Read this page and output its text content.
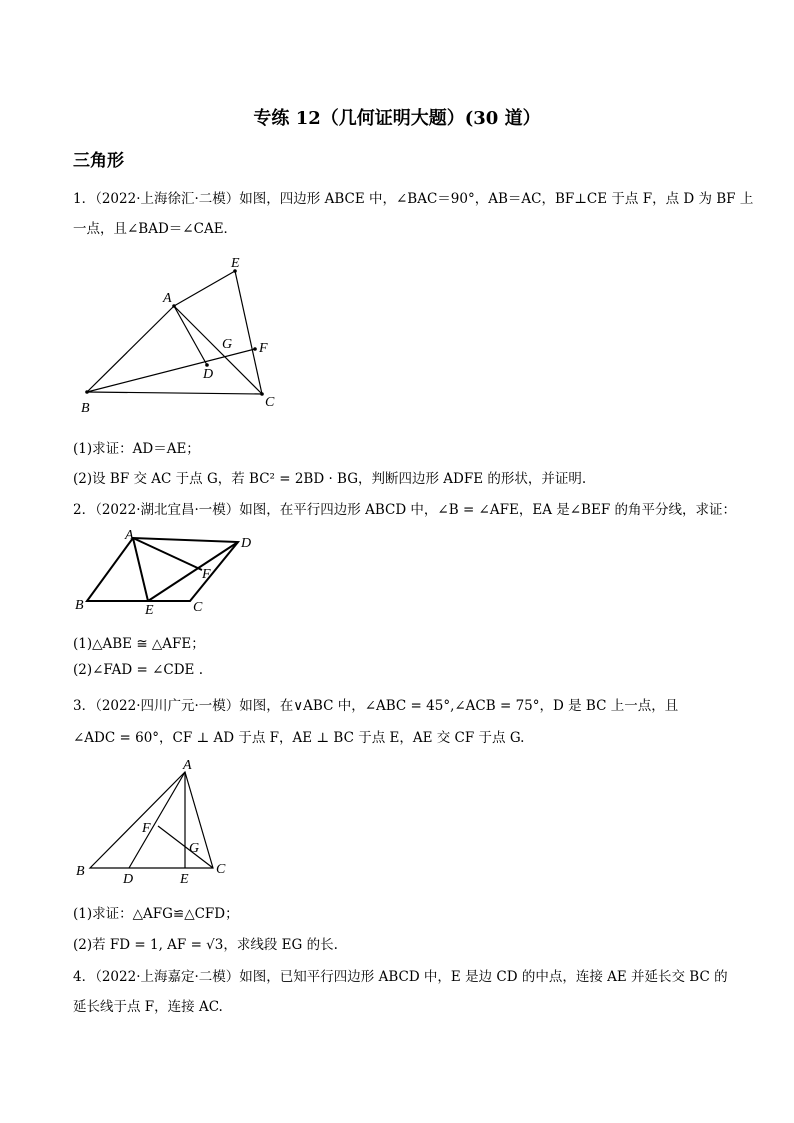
专练 12（几何证明大题）(30 道）
三角形
1．（2022·上海徐汇·二模）如图，四边形 ABCE 中，∠BAC＝90°，AB＝AC，BF⊥CE 于点 F，点 D 为 BF 上
一点，且∠BAD＝∠CAE．
A
E
G F
D
B	C
(1)求证：AD＝AE；
(2)设 BF 交 AC 于点 G，若 BC² = 2BD · BG，判断四边形 ADFE 的形状，并证明.
2．（2022·湖北宜昌·一模）如图，在平行四边形 ABCD 中，∠B = ∠AFE，EA 是∠BEF 的角平分线，求证：
A
D
F
B	E	C
(1)△ABE ≅ △AFE；
(2)∠FAD = ∠CDE .
3．（2022·四川广元·一模）如图，在∨ABC 中，∠ABC = 45°,∠ACB = 75°，D 是 BC 上一点，且
∠ADC = 60°，CF ⊥ AD 于点 F，AE ⊥ BC 于点 E，AE 交 CF 于点 G.
A
F
G
B
D	E
C
(1)求证：△AFG≌△CFD；
(2)若 FD = 1, AF = √3，求线段 EG 的长.
4．（2022·上海嘉定·二模）如图，已知平行四边形 ABCD 中，E 是边 CD 的中点，连接 AE 并延长交 BC 的
延长线于点 F，连接 AC.
